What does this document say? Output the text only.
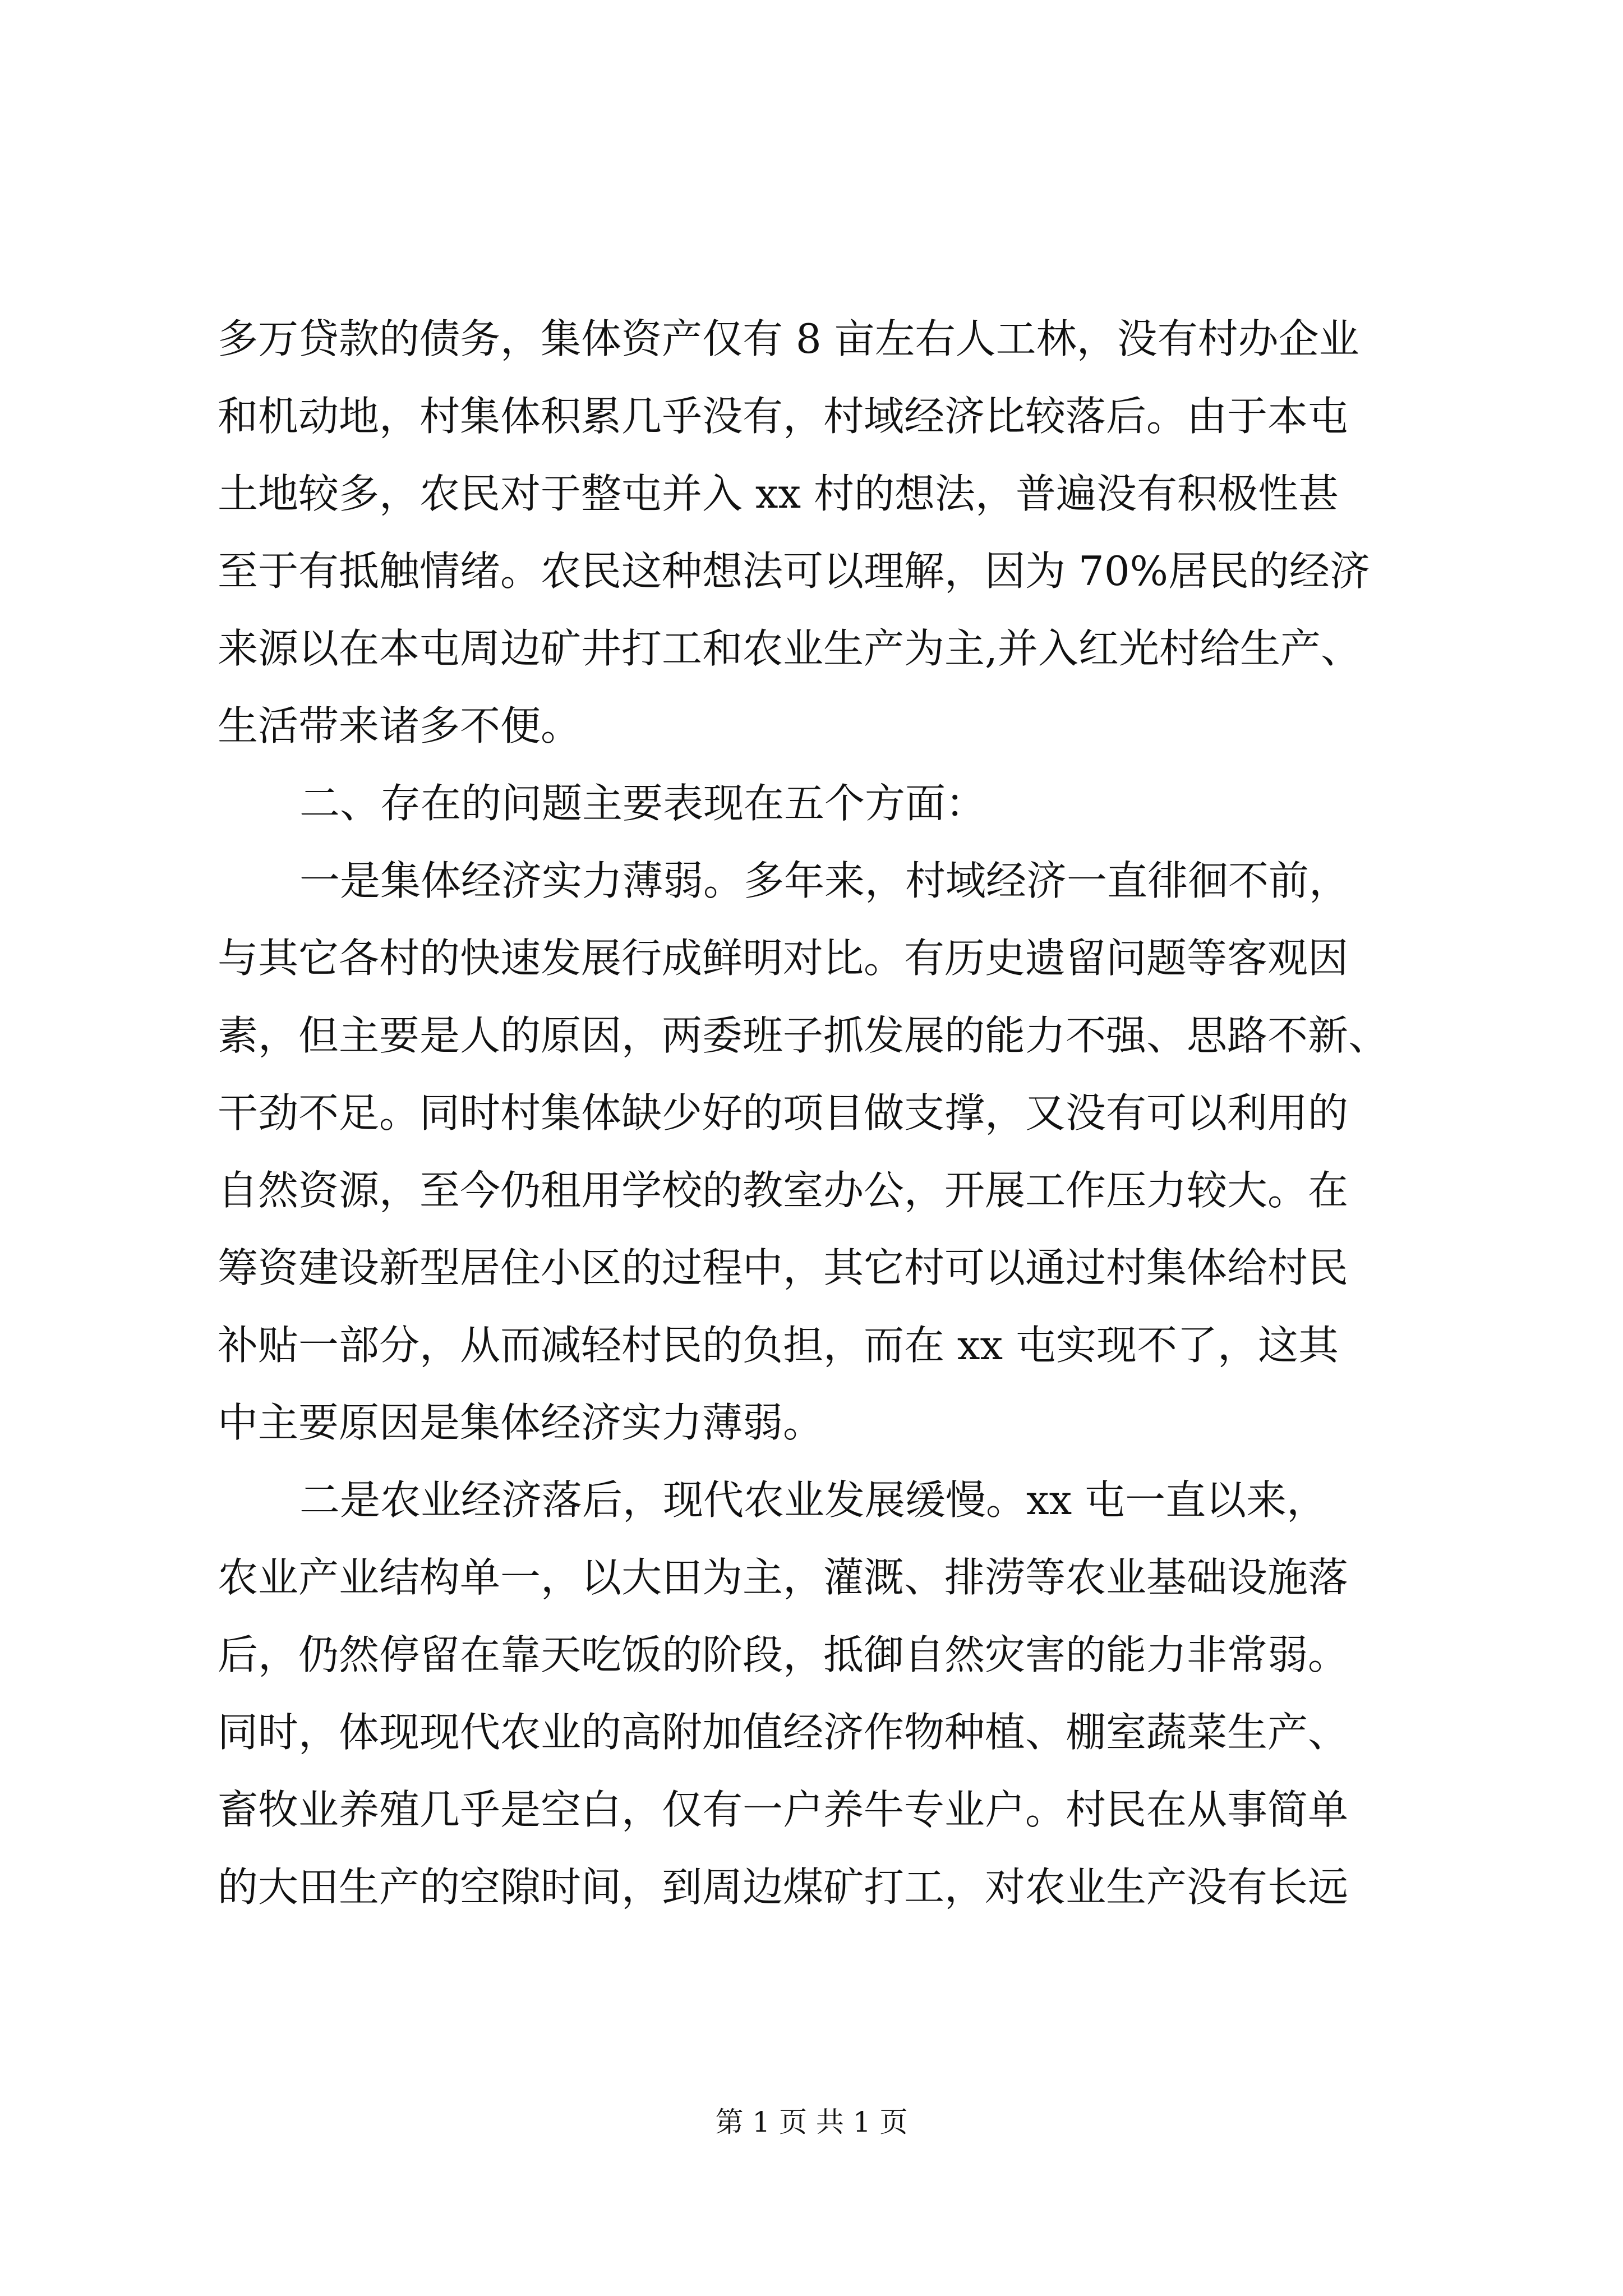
多万贷款的债务，集体资产仅有 8 亩左右人工林，没有村办企业
和机动地，村集体积累几乎没有，村域经济比较落后。由于本屯
土地较多，农民对于整屯并入 xx 村的想法，普遍没有积极性甚
至于有抵触情绪。农民这种想法可以理解，因为 70%居民的经济
来源以在本屯周边矿井打工和农业生产为主,并入红光村给生产、
生活带来诸多不便。
二、存在的问题主要表现在五个方面：
一是集体经济实力薄弱。多年来，村域经济一直徘徊不前，
与其它各村的快速发展行成鲜明对比。有历史遗留问题等客观因
素，但主要是人的原因，两委班子抓发展的能力不强、思路不新、
干劲不足。同时村集体缺少好的项目做支撑，又没有可以利用的
自然资源，至今仍租用学校的教室办公，开展工作压力较大。在
筹资建设新型居住小区的过程中，其它村可以通过村集体给村民
补贴一部分，从而减轻村民的负担，而在 xx 屯实现不了，这其
中主要原因是集体经济实力薄弱。
二是农业经济落后，现代农业发展缓慢。xx 屯一直以来，
农业产业结构单一，以大田为主，灌溉、排涝等农业基础设施落
后，仍然停留在靠天吃饭的阶段，抵御自然灾害的能力非常弱。
同时，体现现代农业的高附加值经济作物种植、棚室蔬菜生产、
畜牧业养殖几乎是空白，仅有一户养牛专业户。村民在从事简单
的大田生产的空隙时间，到周边煤矿打工，对农业生产没有长远
第 1 页 共 1 页
